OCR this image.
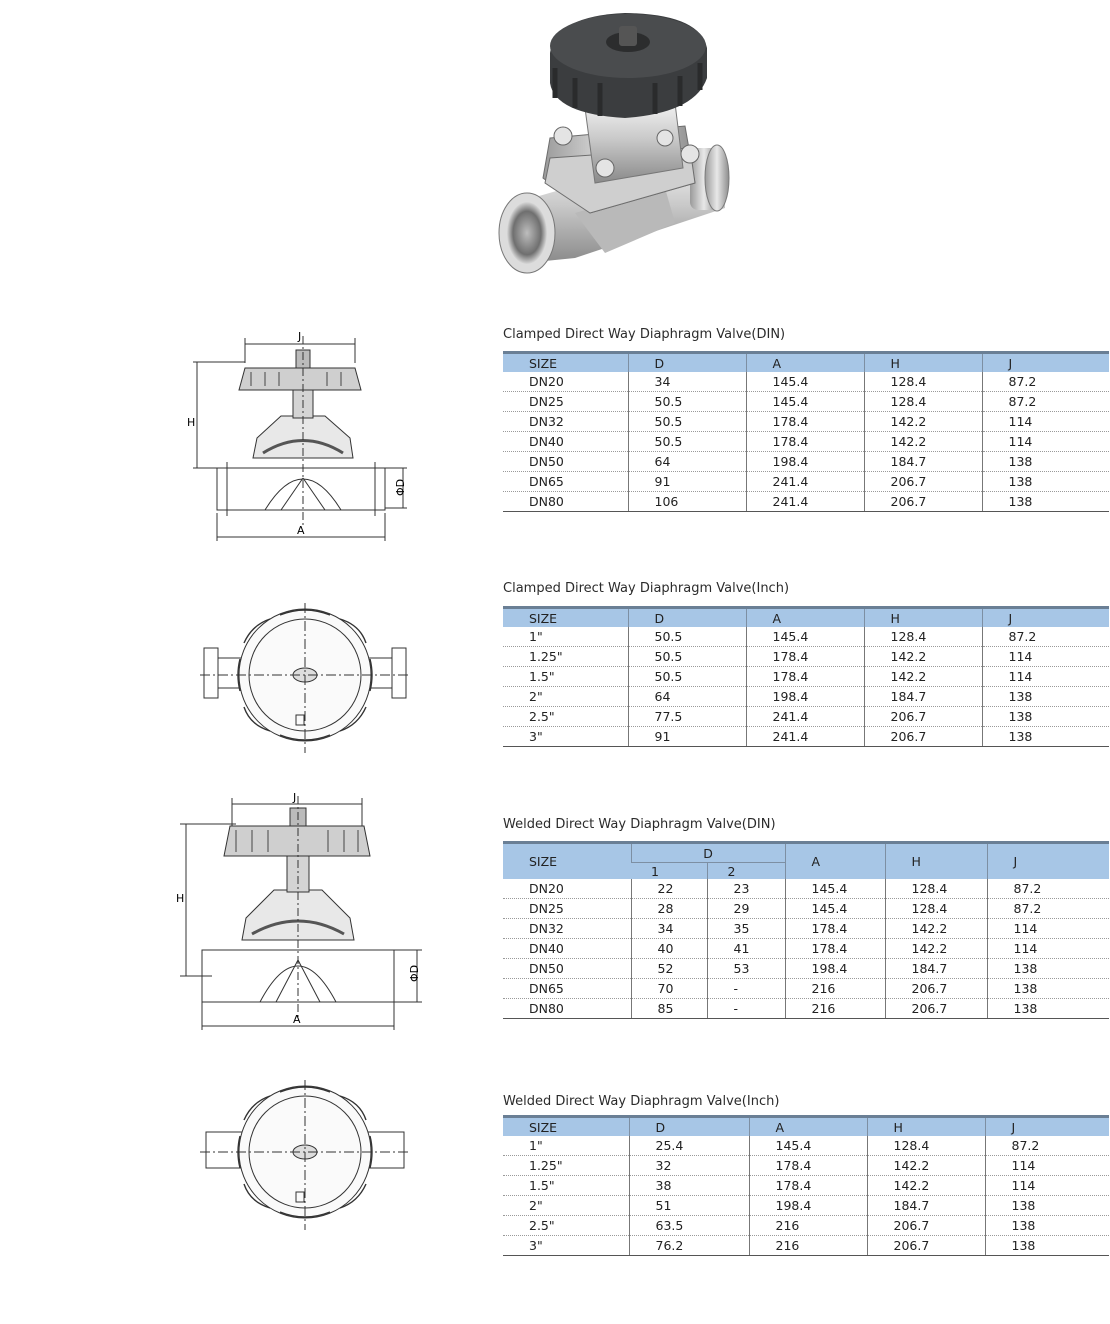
J
H
A
ΦD
J
H
A
ΦD
Clamped Direct Way Diaphragm Valve(DIN)
SIZE	D	A	H	J
DN20	34	145.4	128.4	87.2
DN25	50.5	145.4	128.4	87.2
DN32	50.5	178.4	142.2	114
DN40	50.5	178.4	142.2	114
DN50	64	198.4	184.7	138
DN65	91	241.4	206.7	138
DN80	106	241.4	206.7	138
Clamped Direct Way Diaphragm Valve(Inch)
SIZE	D	A	H	J
1"	50.5	145.4	128.4	87.2
1.25"	50.5	178.4	142.2	114
1.5"	50.5	178.4	142.2	114
2"	64	198.4	184.7	138
2.5"	77.5	241.4	206.7	138
3"	91	241.4	206.7	138
Welded Direct Way Diaphragm Valve(DIN)
SIZE	D		A	H	J
	1	2			
DN20	22	23	145.4	128.4	87.2
DN25	28	29	145.4	128.4	87.2
DN32	34	35	178.4	142.2	114
DN40	40	41	178.4	142.2	114
DN50	52	53	198.4	184.7	138
DN65	70	-	216	206.7	138
DN80	85	-	216	206.7	138
Welded Direct Way Diaphragm Valve(Inch)
SIZE	D	A	H	J
1"	25.4	145.4	128.4	87.2
1.25"	32	178.4	142.2	114
1.5"	38	178.4	142.2	114
2"	51	198.4	184.7	138
2.5"	63.5	216	206.7	138
3"	76.2	216	206.7	138
